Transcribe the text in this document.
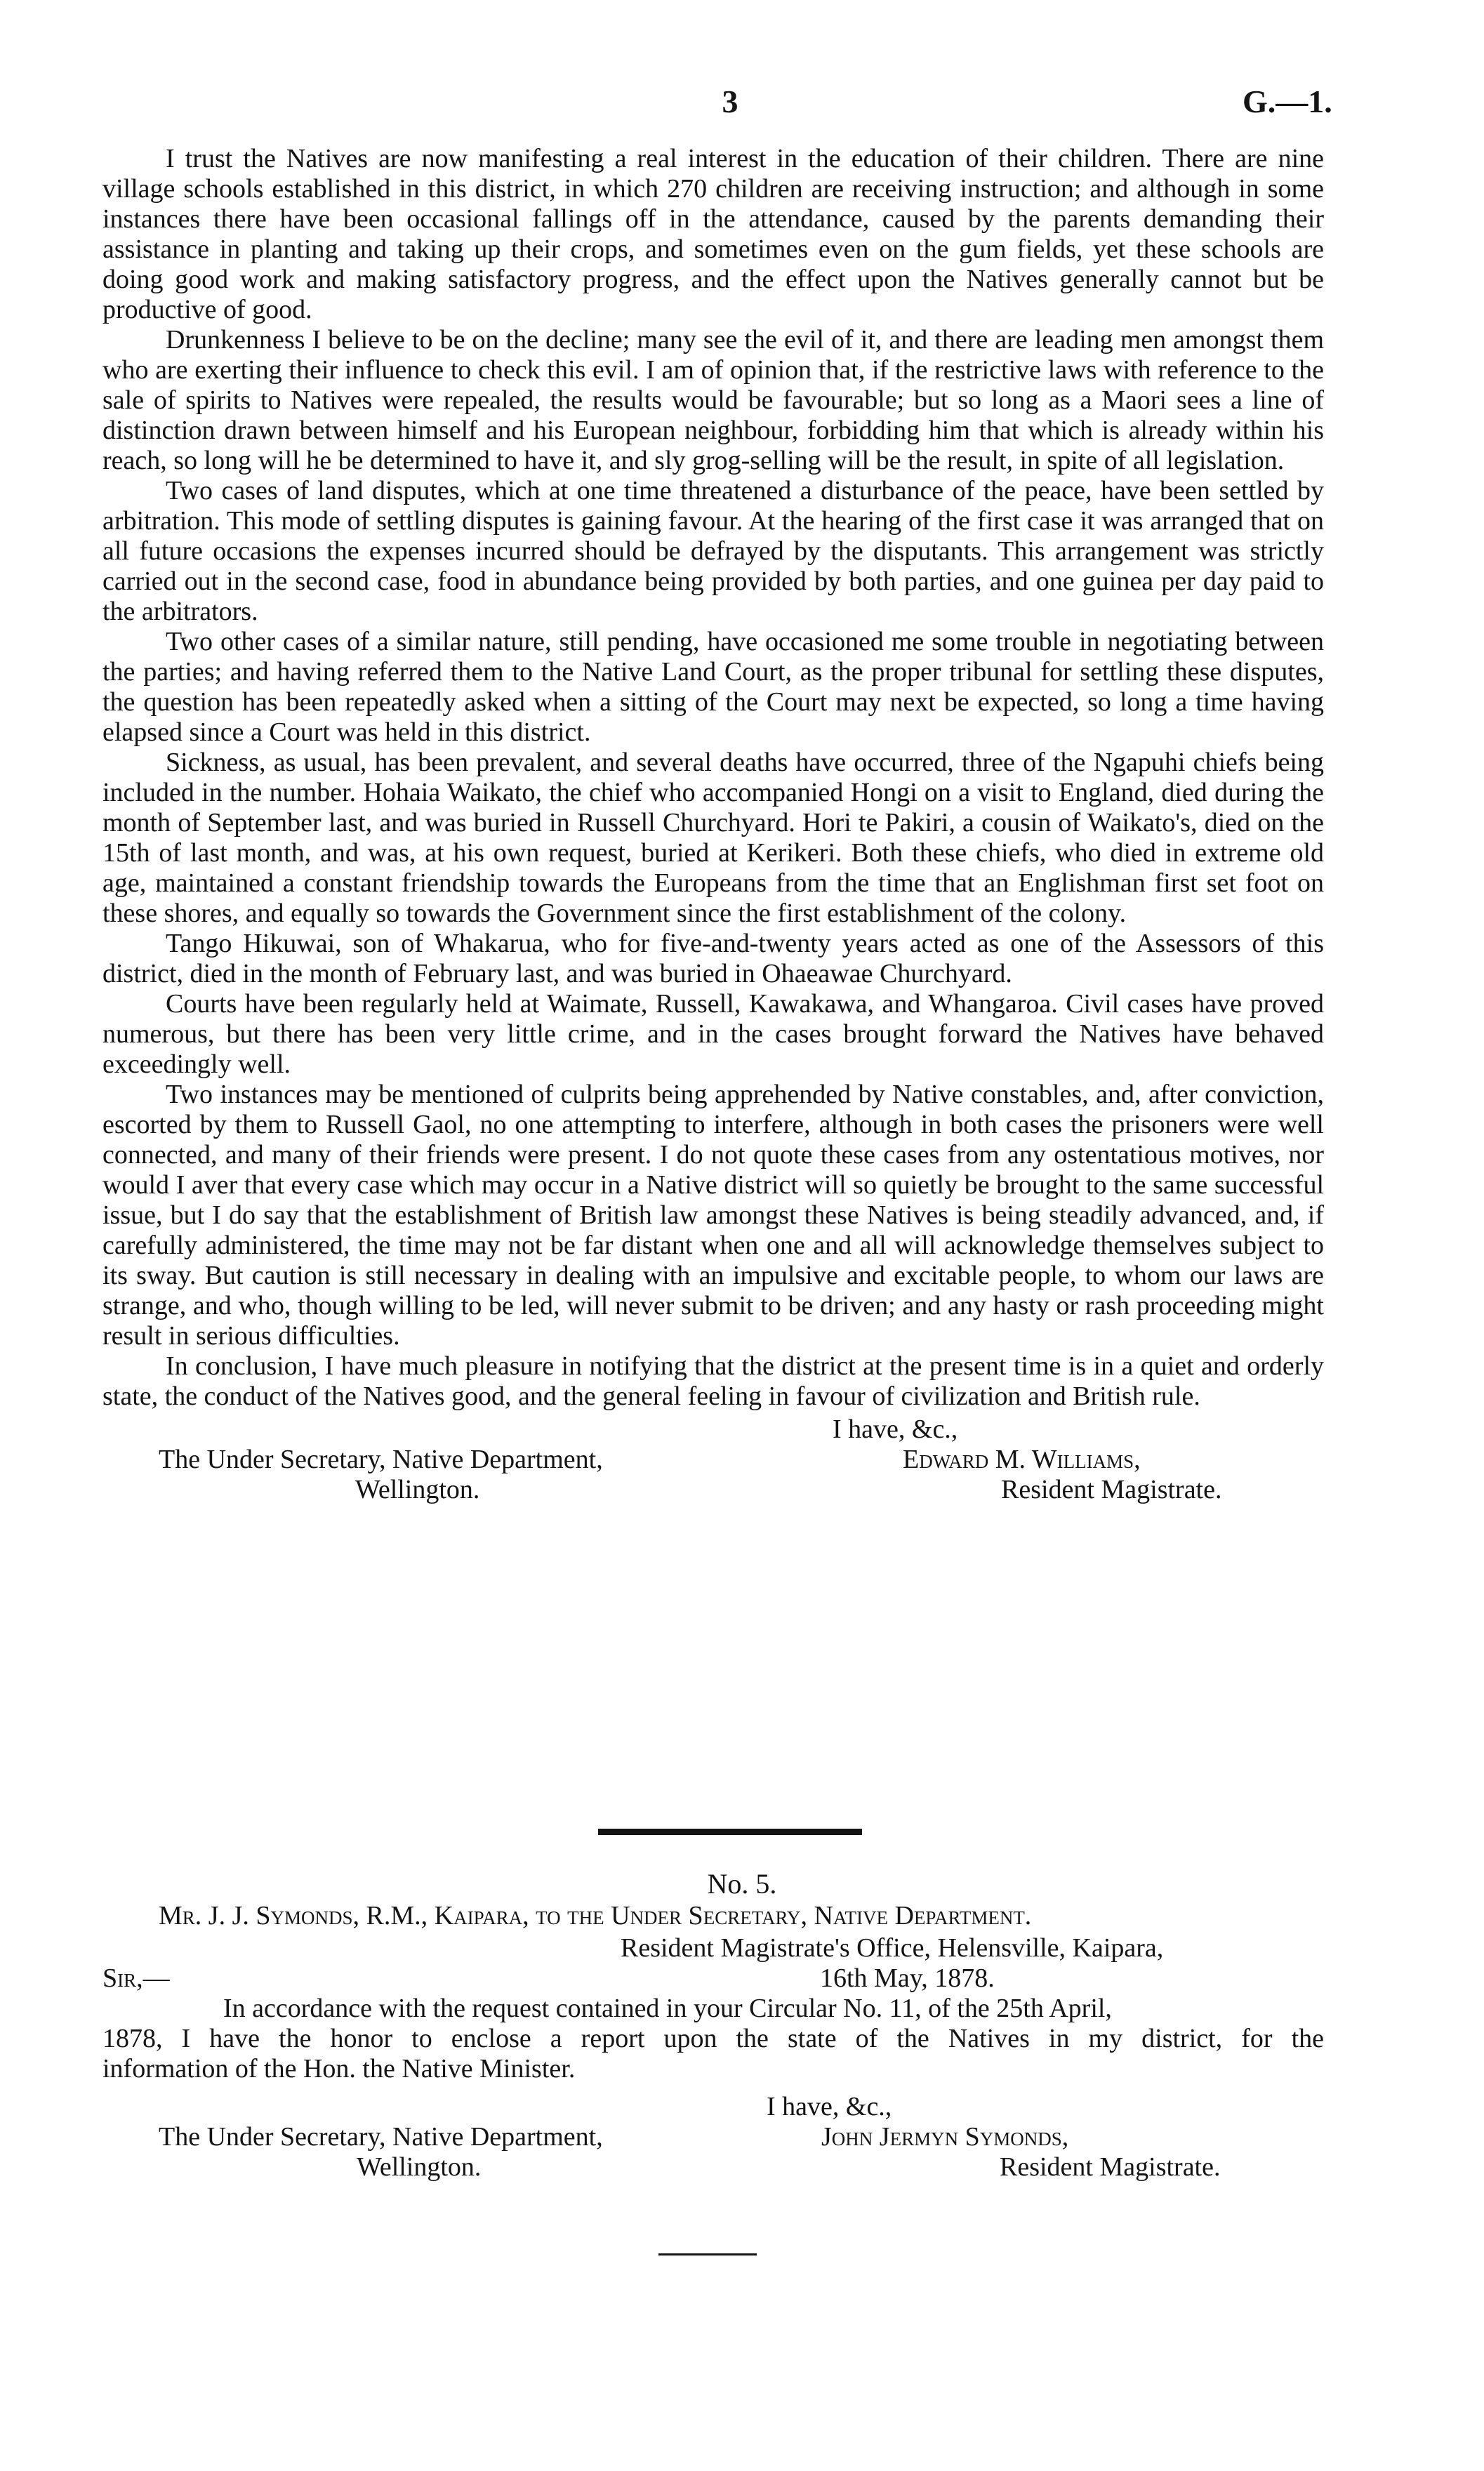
3	G.—1.

I trust the Natives are now manifesting a real interest in the education of their children. There are nine village schools established in this district, in which 270 children are receiving instruction; and although in some instances there have been occasional fallings off in the attendance, caused by the parents demanding their assistance in planting and taking up their crops, and sometimes even on the gum fields, yet these schools are doing good work and making satisfactory progress, and the effect upon the Natives generally cannot but be productive of good.

Drunkenness I believe to be on the decline; many see the evil of it, and there are leading men amongst them who are exerting their influence to check this evil. I am of opinion that, if the restrictive laws with reference to the sale of spirits to Natives were repealed, the results would be favourable; but so long as a Maori sees a line of distinction drawn between himself and his European neighbour, forbidding him that which is already within his reach, so long will he be determined to have it, and sly grog-selling will be the result, in spite of all legislation.

Two cases of land disputes, which at one time threatened a disturbance of the peace, have been settled by arbitration. This mode of settling disputes is gaining favour. At the hearing of the first case it was arranged that on all future occasions the expenses incurred should be defrayed by the disputants. This arrangement was strictly carried out in the second case, food in abundance being provided by both parties, and one guinea per day paid to the arbitrators.

Two other cases of a similar nature, still pending, have occasioned me some trouble in negotiating between the parties; and having referred them to the Native Land Court, as the proper tribunal for settling these disputes, the question has been repeatedly asked when a sitting of the Court may next be expected, so long a time having elapsed since a Court was held in this district.

Sickness, as usual, has been prevalent, and several deaths have occurred, three of the Ngapuhi chiefs being included in the number. Hohaia Waikato, the chief who accompanied Hongi on a visit to England, died during the month of September last, and was buried in Russell Churchyard. Hori te Pakiri, a cousin of Waikato's, died on the 15th of last month, and was, at his own request, buried at Kerikeri. Both these chiefs, who died in extreme old age, maintained a constant friendship towards the Europeans from the time that an Englishman first set foot on these shores, and equally so towards the Government since the first establishment of the colony.

Tango Hikuwai, son of Whakarua, who for five-and-twenty years acted as one of the Assessors of this district, died in the month of February last, and was buried in Ohaeawae Churchyard.

Courts have been regularly held at Waimate, Russell, Kawakawa, and Whangaroa. Civil cases have proved numerous, but there has been very little crime, and in the cases brought forward the Natives have behaved exceedingly well.

Two instances may be mentioned of culprits being apprehended by Native constables, and, after conviction, escorted by them to Russell Gaol, no one attempting to interfere, although in both cases the prisoners were well connected, and many of their friends were present. I do not quote these cases from any ostentatious motives, nor would I aver that every case which may occur in a Native district will so quietly be brought to the same successful issue, but I do say that the establishment of British law amongst these Natives is being steadily advanced, and, if carefully administered, the time may not be far distant when one and all will acknowledge themselves subject to its sway. But caution is still necessary in dealing with an impulsive and excitable people, to whom our laws are strange, and who, though willing to be led, will never submit to be driven; and any hasty or rash proceeding might result in serious difficulties.

In conclusion, I have much pleasure in notifying that the district at the present time is in a quiet and orderly state, the conduct of the Natives good, and the general feeling in favour of civilization and British rule.

I have, &c.,
The Under Secretary, Native Department,	Edward M. Williams,
Wellington.	Resident Magistrate.
No. 5.
Mr. J. J. Symonds, R.M., Kaipara, to the Under Secretary, Native Department.
Resident Magistrate's Office, Helensville, Kaipara,
Sir,—	16th May, 1878.
In accordance with the request contained in your Circular No. 11, of the 25th April,
1878, I have the honor to enclose a report upon the state of the Natives in my district, for the
information of the Hon. the Native Minister.
I have, &c.,
The Under Secretary, Native Department,	John Jermyn Symonds,
Wellington.	Resident Magistrate.
